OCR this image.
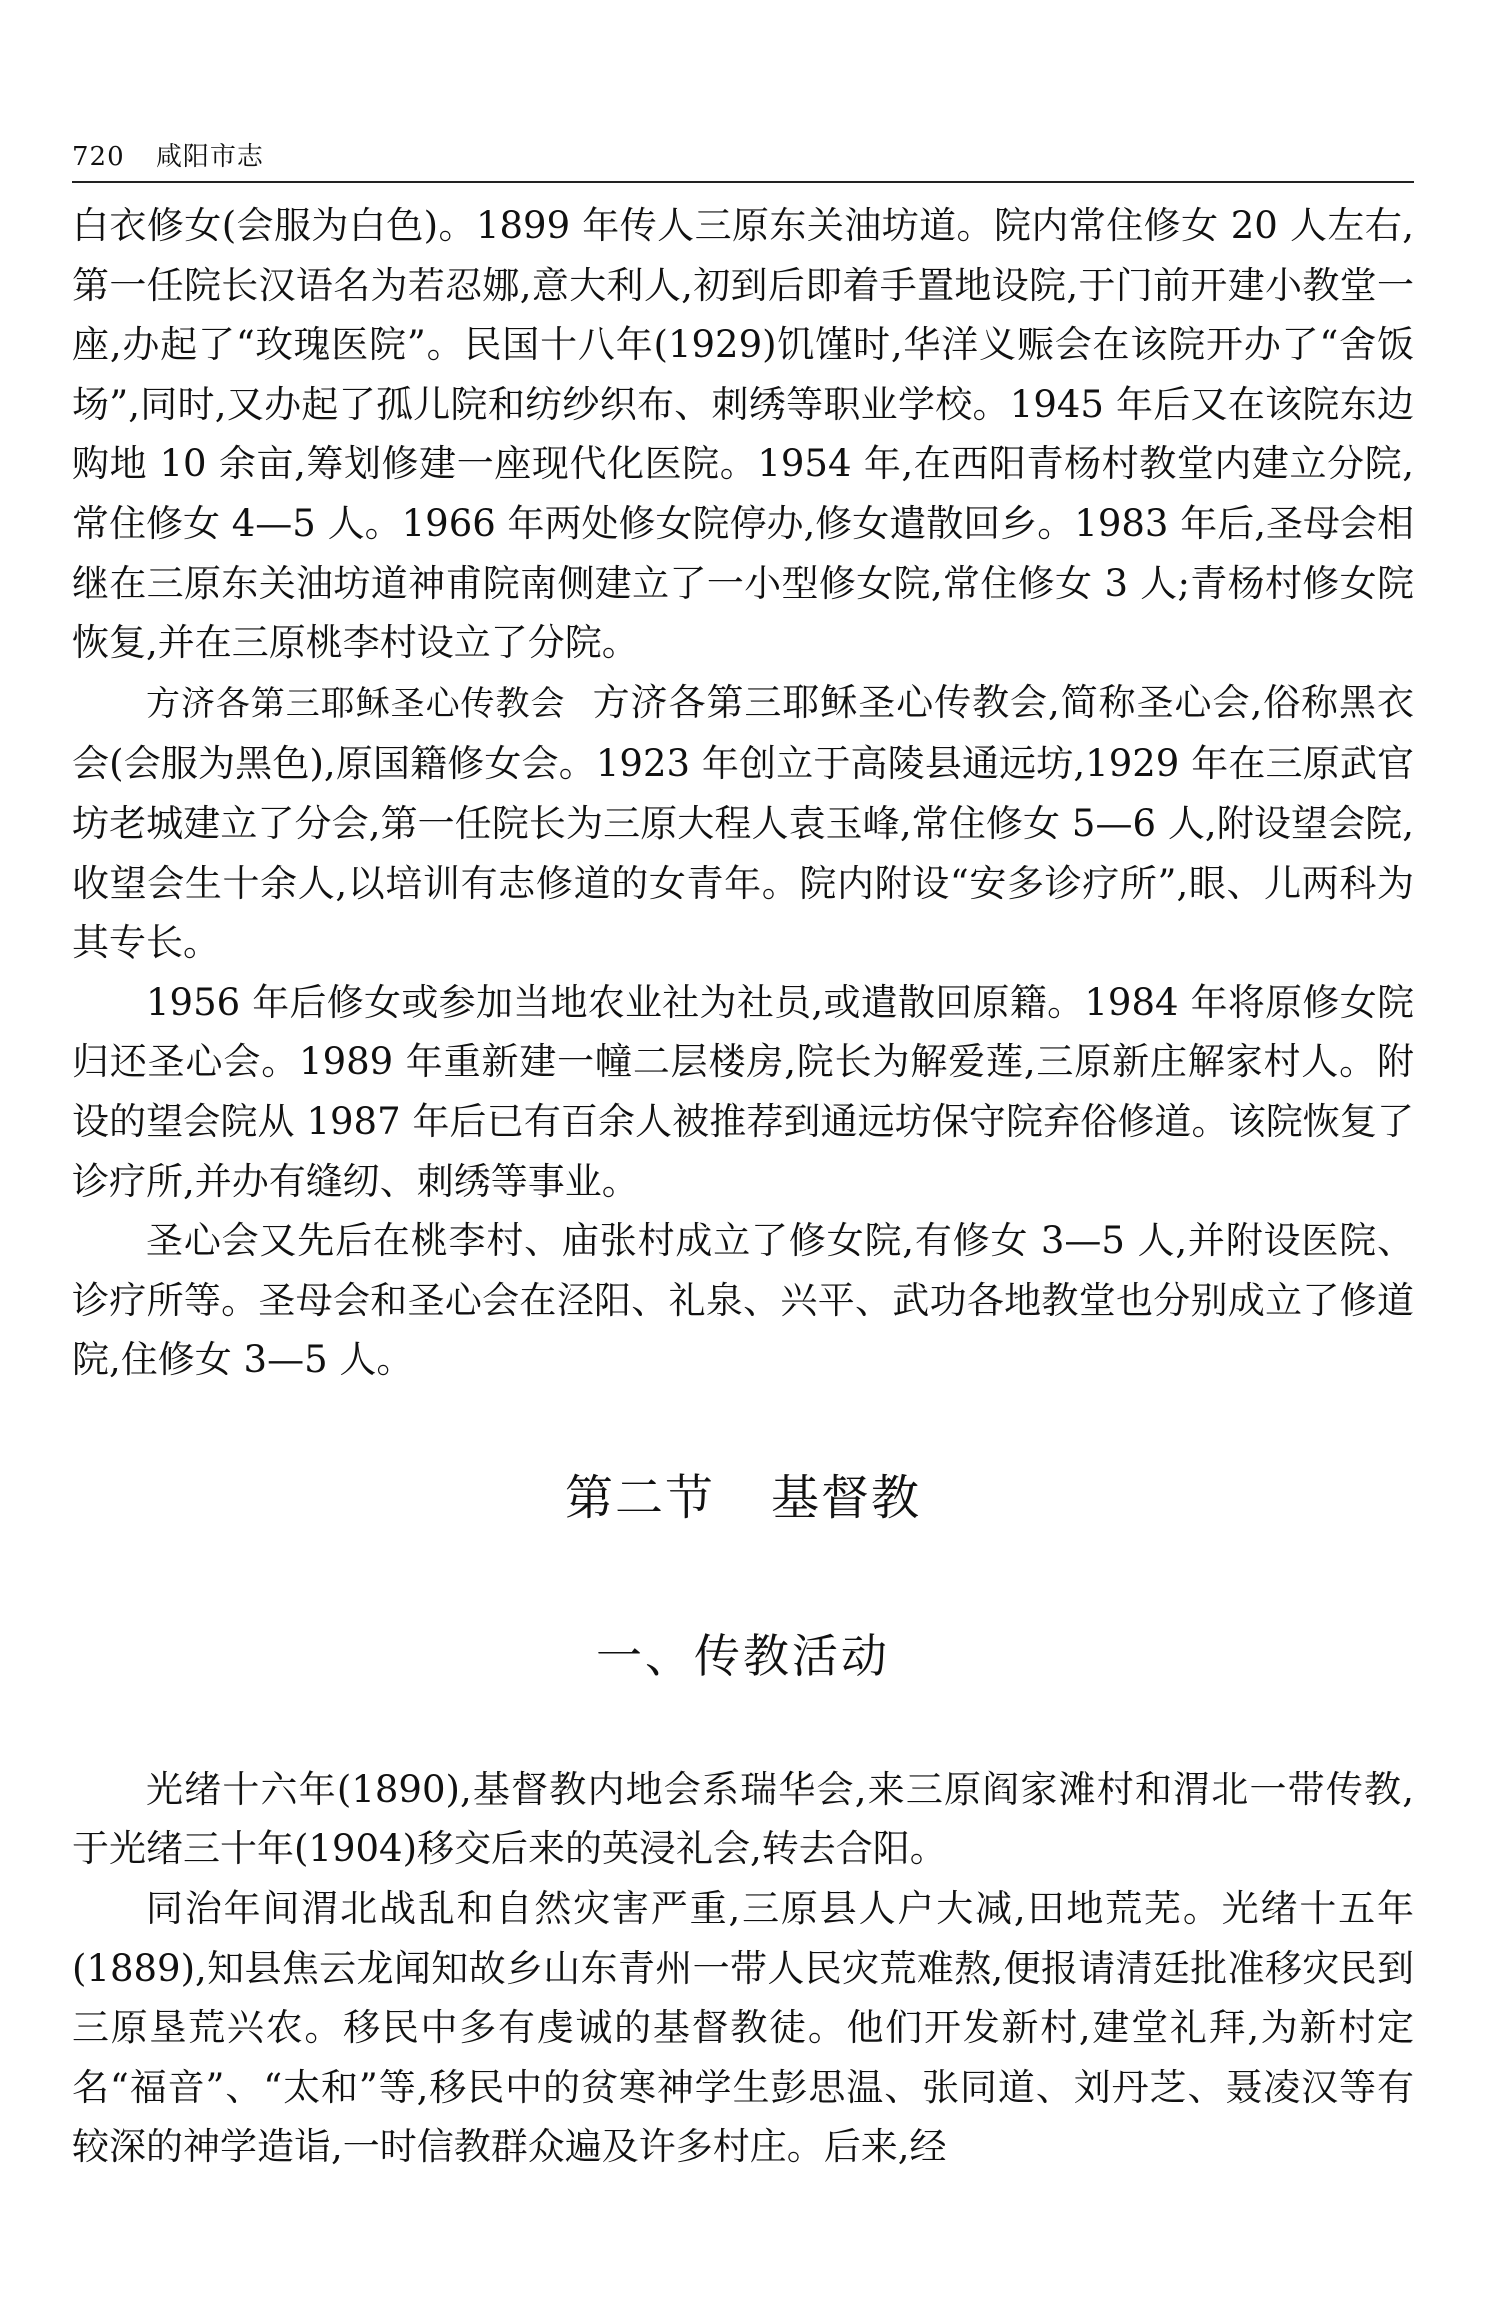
720 咸阳市志

白衣修女(会服为白色)。1899 年传人三原东关油坊道。院内常住修女 20 人左右,第一任院长汉语名为若忍娜,意大利人,初到后即着手置地设院,于门前开建小教堂一座,办起了“玫瑰医院”。民国十八年(1929)饥馑时,华洋义赈会在该院开办了“舍饭场”,同时,又办起了孤儿院和纺纱织布、刺绣等职业学校。1945 年后又在该院东边购地 10 余亩,筹划修建一座现代化医院。1954 年,在西阳青杨村教堂内建立分院,常住修女 4—5 人。1966 年两处修女院停办,修女遣散回乡。1983 年后,圣母会相继在三原东关油坊道神甫院南侧建立了一小型修女院,常住修女 3 人;青杨村修女院恢复,并在三原桃李村设立了分院。

方济各第三耶稣圣心传教会 方济各第三耶稣圣心传教会,简称圣心会,俗称黑衣会(会服为黑色),原国籍修女会。1923 年创立于高陵县通远坊,1929 年在三原武官坊老城建立了分会,第一任院长为三原大程人袁玉峰,常住修女 5—6 人,附设望会院,收望会生十余人,以培训有志修道的女青年。院内附设“安多诊疗所”,眼、儿两科为其专长。

1956 年后修女或参加当地农业社为社员,或遣散回原籍。1984 年将原修女院归还圣心会。1989 年重新建一幢二层楼房,院长为解爱莲,三原新庄解家村人。附设的望会院从 1987 年后已有百余人被推荐到通远坊保守院弃俗修道。该院恢复了诊疗所,并办有缝纫、刺绣等事业。

圣心会又先后在桃李村、庙张村成立了修女院,有修女 3—5 人,并附设医院、诊疗所等。圣母会和圣心会在泾阳、礼泉、兴平、武功各地教堂也分别成立了修道院,住修女 3—5 人。

第二节 基督教
一、传教活动

光绪十六年(1890),基督教内地会系瑞华会,来三原阎家滩村和渭北一带传教,于光绪三十年(1904)移交后来的英浸礼会,转去合阳。

同治年间渭北战乱和自然灾害严重,三原县人户大减,田地荒芜。光绪十五年(1889),知县焦云龙闻知故乡山东青州一带人民灾荒难熬,便报请清廷批准移灾民到三原垦荒兴农。移民中多有虔诚的基督教徒。他们开发新村,建堂礼拜,为新村定名“福音”、“太和”等,移民中的贫寒神学生彭思温、张同道、刘丹芝、聂凌汉等有较深的神学造诣,一时信教群众遍及许多村庄。后来,经
